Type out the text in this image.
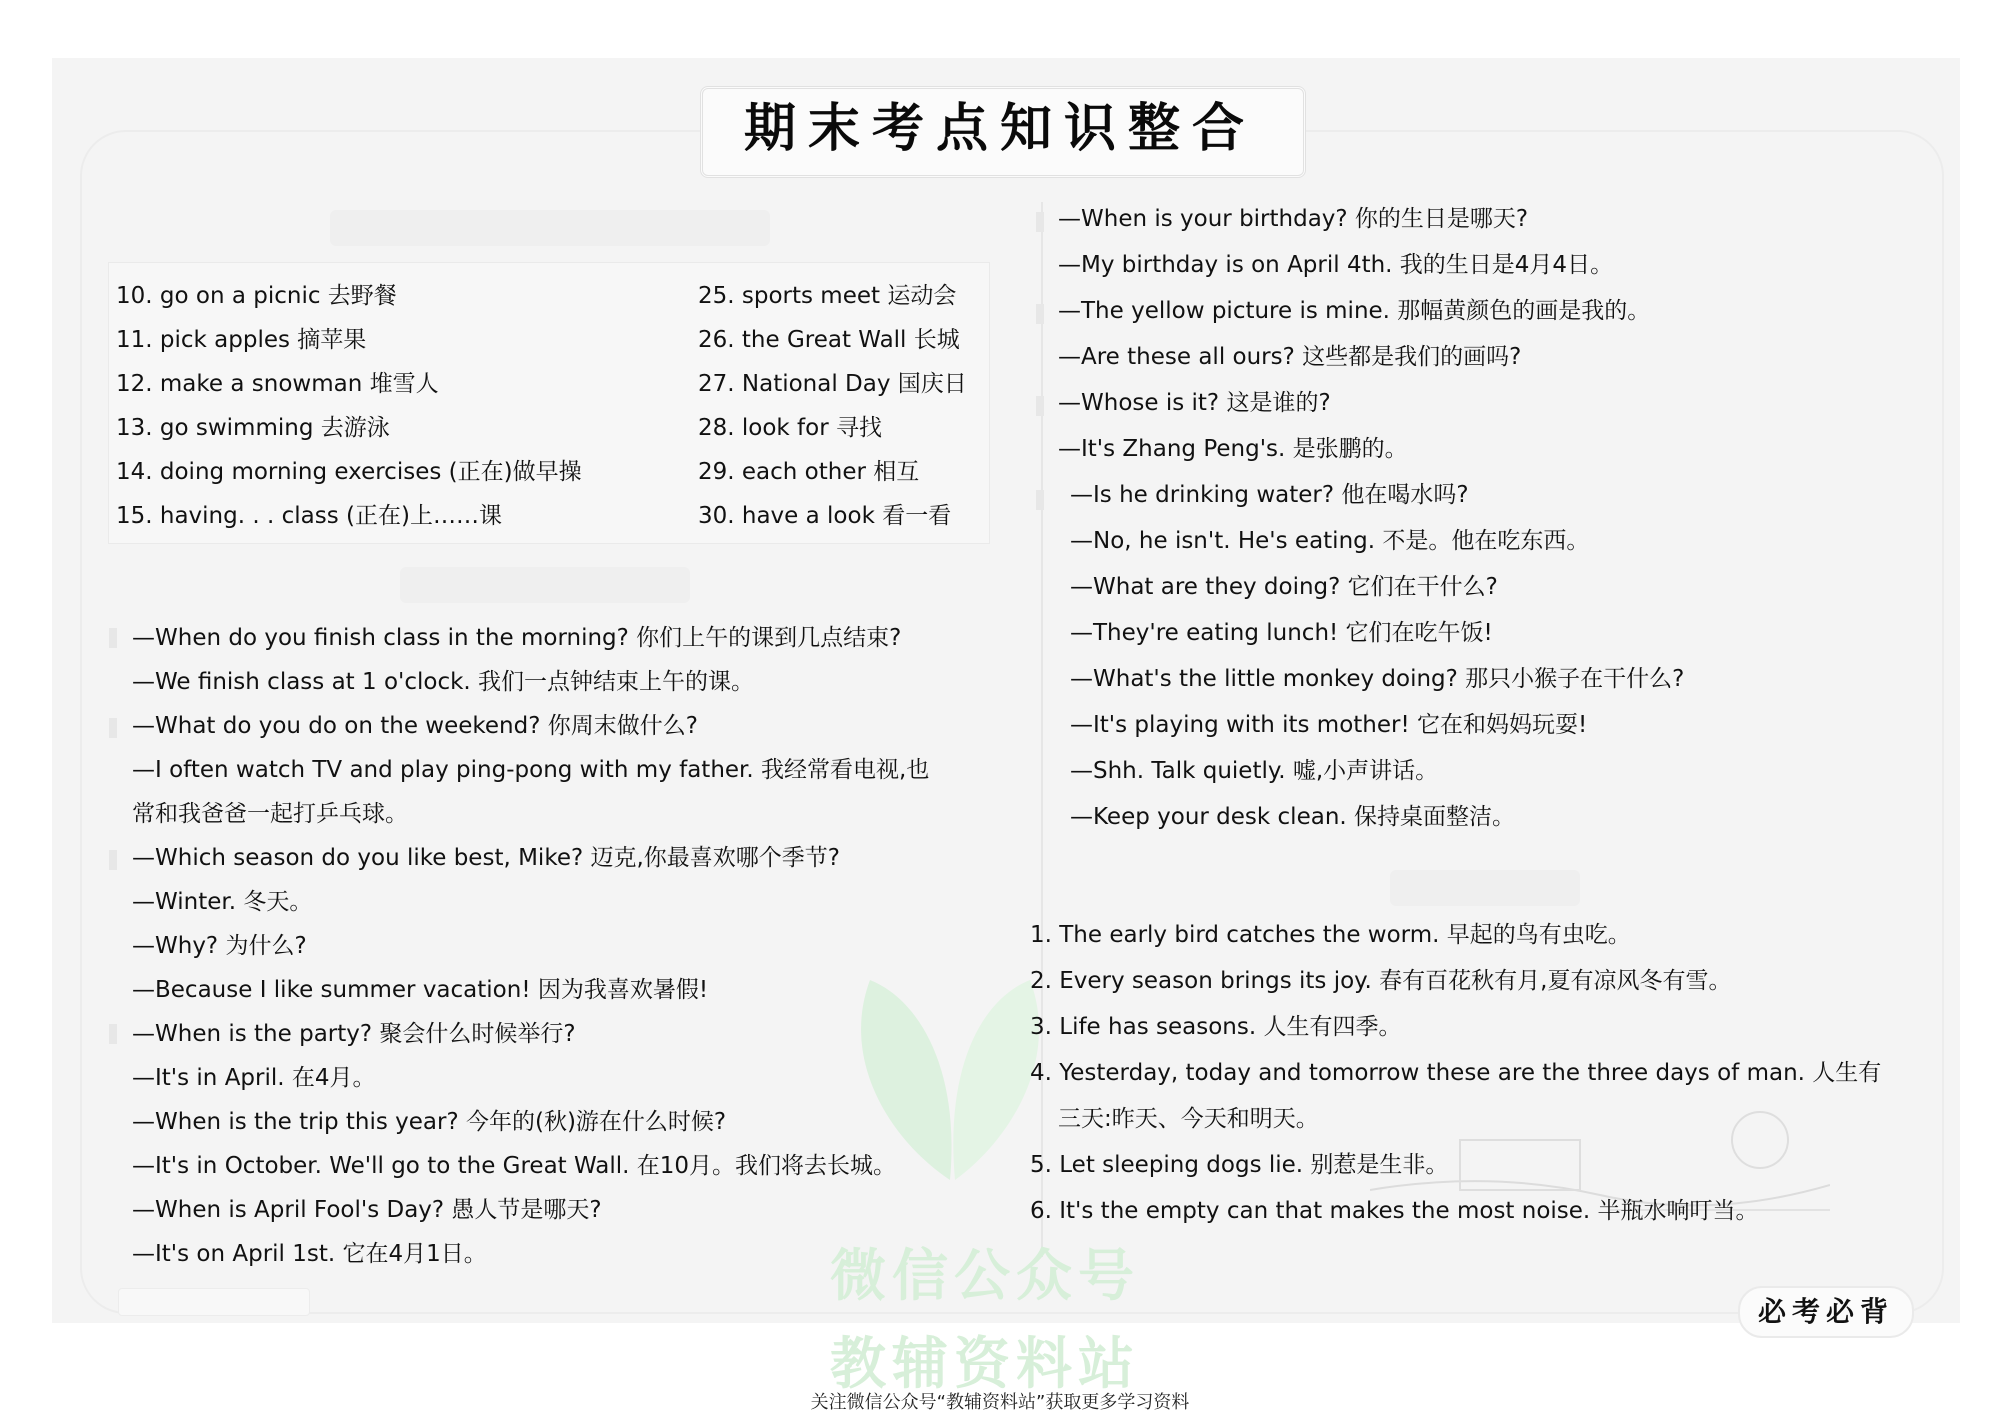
期末考点知识整合
10. go on a picnic 去野餐
11. pick apples 摘苹果
12. make a snowman 堆雪人
13. go swimming 去游泳
14. doing morning exercises (正在)做早操
15. having. . . class (正在)上……课
25. sports meet 运动会
26. the Great Wall 长城
27. National Day 国庆日
28. look for 寻找
29. each other 相互
30. have a look 看一看
—When do you finish class in the morning? 你们上午的课到几点结束?
—We finish class at 1 o'clock. 我们一点钟结束上午的课。
—What do you do on the weekend? 你周末做什么?
—I often watch TV and play ping-pong with my father. 我经常看电视,也
常和我爸爸一起打乒乓球。
—Which season do you like best, Mike? 迈克,你最喜欢哪个季节?
—Winter. 冬天。
—Why? 为什么?
—Because I like summer vacation! 因为我喜欢暑假!
—When is the party? 聚会什么时候举行?
—It's in April. 在4月。
—When is the trip this year? 今年的(秋)游在什么时候?
—It's in October. We'll go to the Great Wall. 在10月。我们将去长城。
—When is April Fool's Day? 愚人节是哪天?
—It's on April 1st. 它在4月1日。
—When is your birthday? 你的生日是哪天?
—My birthday is on April 4th. 我的生日是4月4日。
—The yellow picture is mine. 那幅黄颜色的画是我的。
—Are these all ours? 这些都是我们的画吗?
—Whose is it? 这是谁的?
—It's Zhang Peng's. 是张鹏的。
—Is he drinking water? 他在喝水吗?
—No, he isn't. He's eating. 不是。他在吃东西。
—What are they doing? 它们在干什么?
—They're eating lunch! 它们在吃午饭!
—What's the little monkey doing? 那只小猴子在干什么?
—It's playing with its mother! 它在和妈妈玩耍!
—Shh. Talk quietly. 嘘,小声讲话。
—Keep your desk clean. 保持桌面整洁。
1. The early bird catches the worm. 早起的鸟有虫吃。
2. Every season brings its joy. 春有百花秋有月,夏有凉风冬有雪。
3. Life has seasons. 人生有四季。
4. Yesterday, today and tomorrow these are the three days of man. 人生有
三天:昨天、今天和明天。
5. Let sleeping dogs lie. 别惹是生非。
6. It's the empty can that makes the most noise. 半瓶水响叮当。
必考必背
微信公众号
教辅资料站
关注微信公众号“教辅资料站”获取更多学习资料
